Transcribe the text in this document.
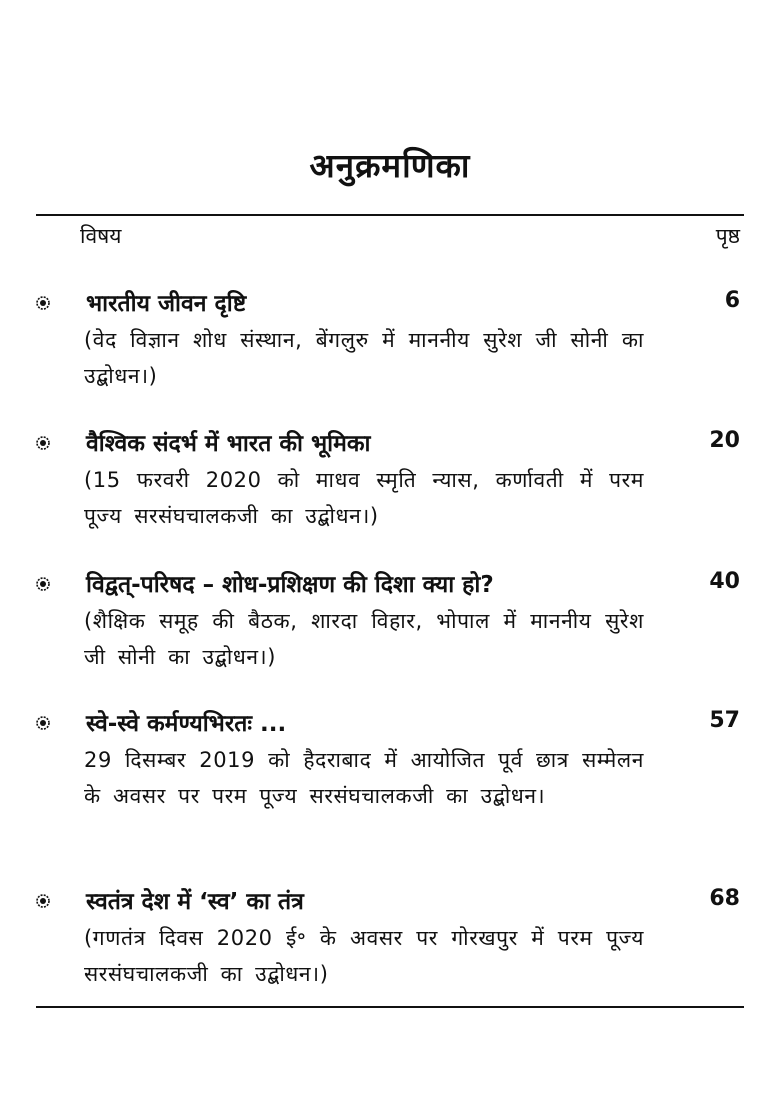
अनुक्रमणिका
विषय	पृष्ठ
भारतीय जीवन दृष्टि	6
(वेद विज्ञान शोध संस्थान, बेंगलुरु में माननीय सुरेश जी सोनी का उद्बोधन।)
वैश्विक संदर्भ में भारत की भूमिका	20
(15 फरवरी 2020 को माधव स्मृति न्यास, कर्णावती में परम पूज्य सरसंघचालकजी का उद्बोधन।)
विद्वत्-परिषद – शोध-प्रशिक्षण की दिशा क्या हो?	40
(शैक्षिक समूह की बैठक, शारदा विहार, भोपाल में माननीय सुरेश जी सोनी का उद्बोधन।)
स्वे-स्वे कर्मण्यभिरतः ...	57
29 दिसम्बर 2019 को हैदराबाद में आयोजित पूर्व छात्र सम्मेलन के अवसर पर परम पूज्य सरसंघचालकजी का उद्बोधन।
स्वतंत्र देश में ‘स्व’ का तंत्र	68
(गणतंत्र दिवस 2020 ई॰ के अवसर पर गोरखपुर में परम पूज्य सरसंघचालकजी का उद्बोधन।)
